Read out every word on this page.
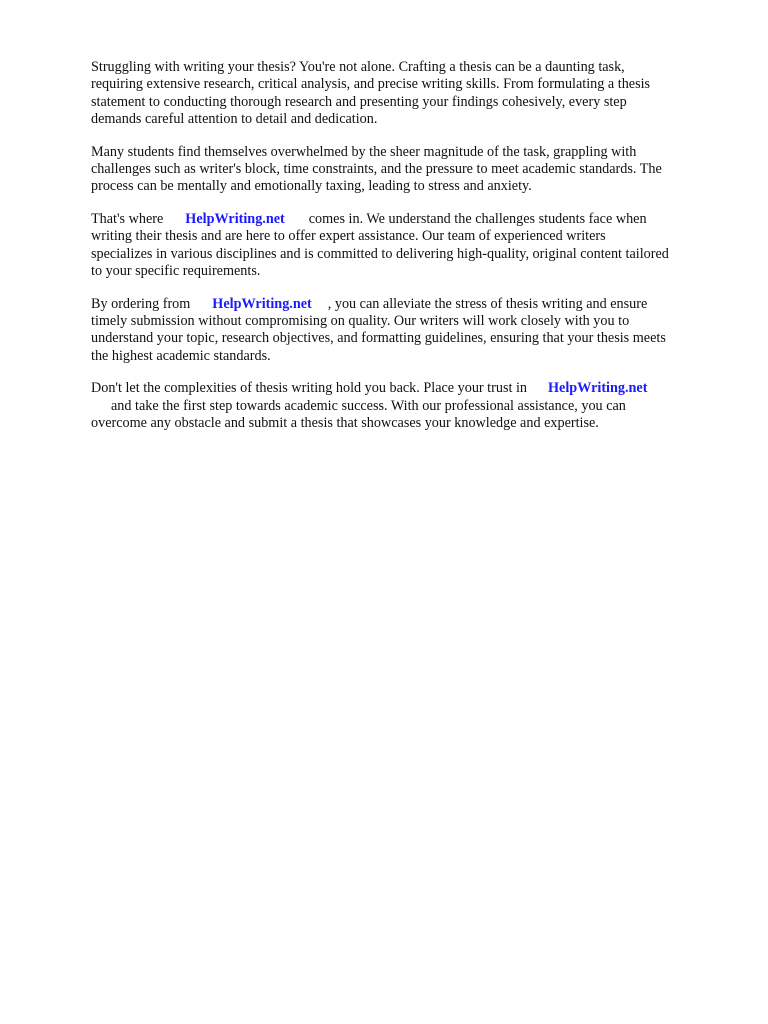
Struggling with writing your thesis? You're not alone. Crafting a thesis can be a daunting task,
requiring extensive research, critical analysis, and precise writing skills. From formulating a thesis
statement to conducting thorough research and presenting your findings cohesively, every step
demands careful attention to detail and dedication.

Many students find themselves overwhelmed by the sheer magnitude of the task, grappling with
challenges such as writer's block, time constraints, and the pressure to meet academic standards. The
process can be mentally and emotionally taxing, leading to stress and anxiety.

That's where HelpWriting.net comes in. We understand the challenges students face when
writing their thesis and are here to offer expert assistance. Our team of experienced writers
specializes in various disciplines and is committed to delivering high-quality, original content tailored
to your specific requirements.

By ordering from HelpWriting.net , you can alleviate the stress of thesis writing and ensure
timely submission without compromising on quality. Our writers will work closely with you to
understand your topic, research objectives, and formatting guidelines, ensuring that your thesis meets
the highest academic standards.

Don't let the complexities of thesis writing hold you back. Place your trust in HelpWriting.net
and take the first step towards academic success. With our professional assistance, you can
overcome any obstacle and submit a thesis that showcases your knowledge and expertise.
